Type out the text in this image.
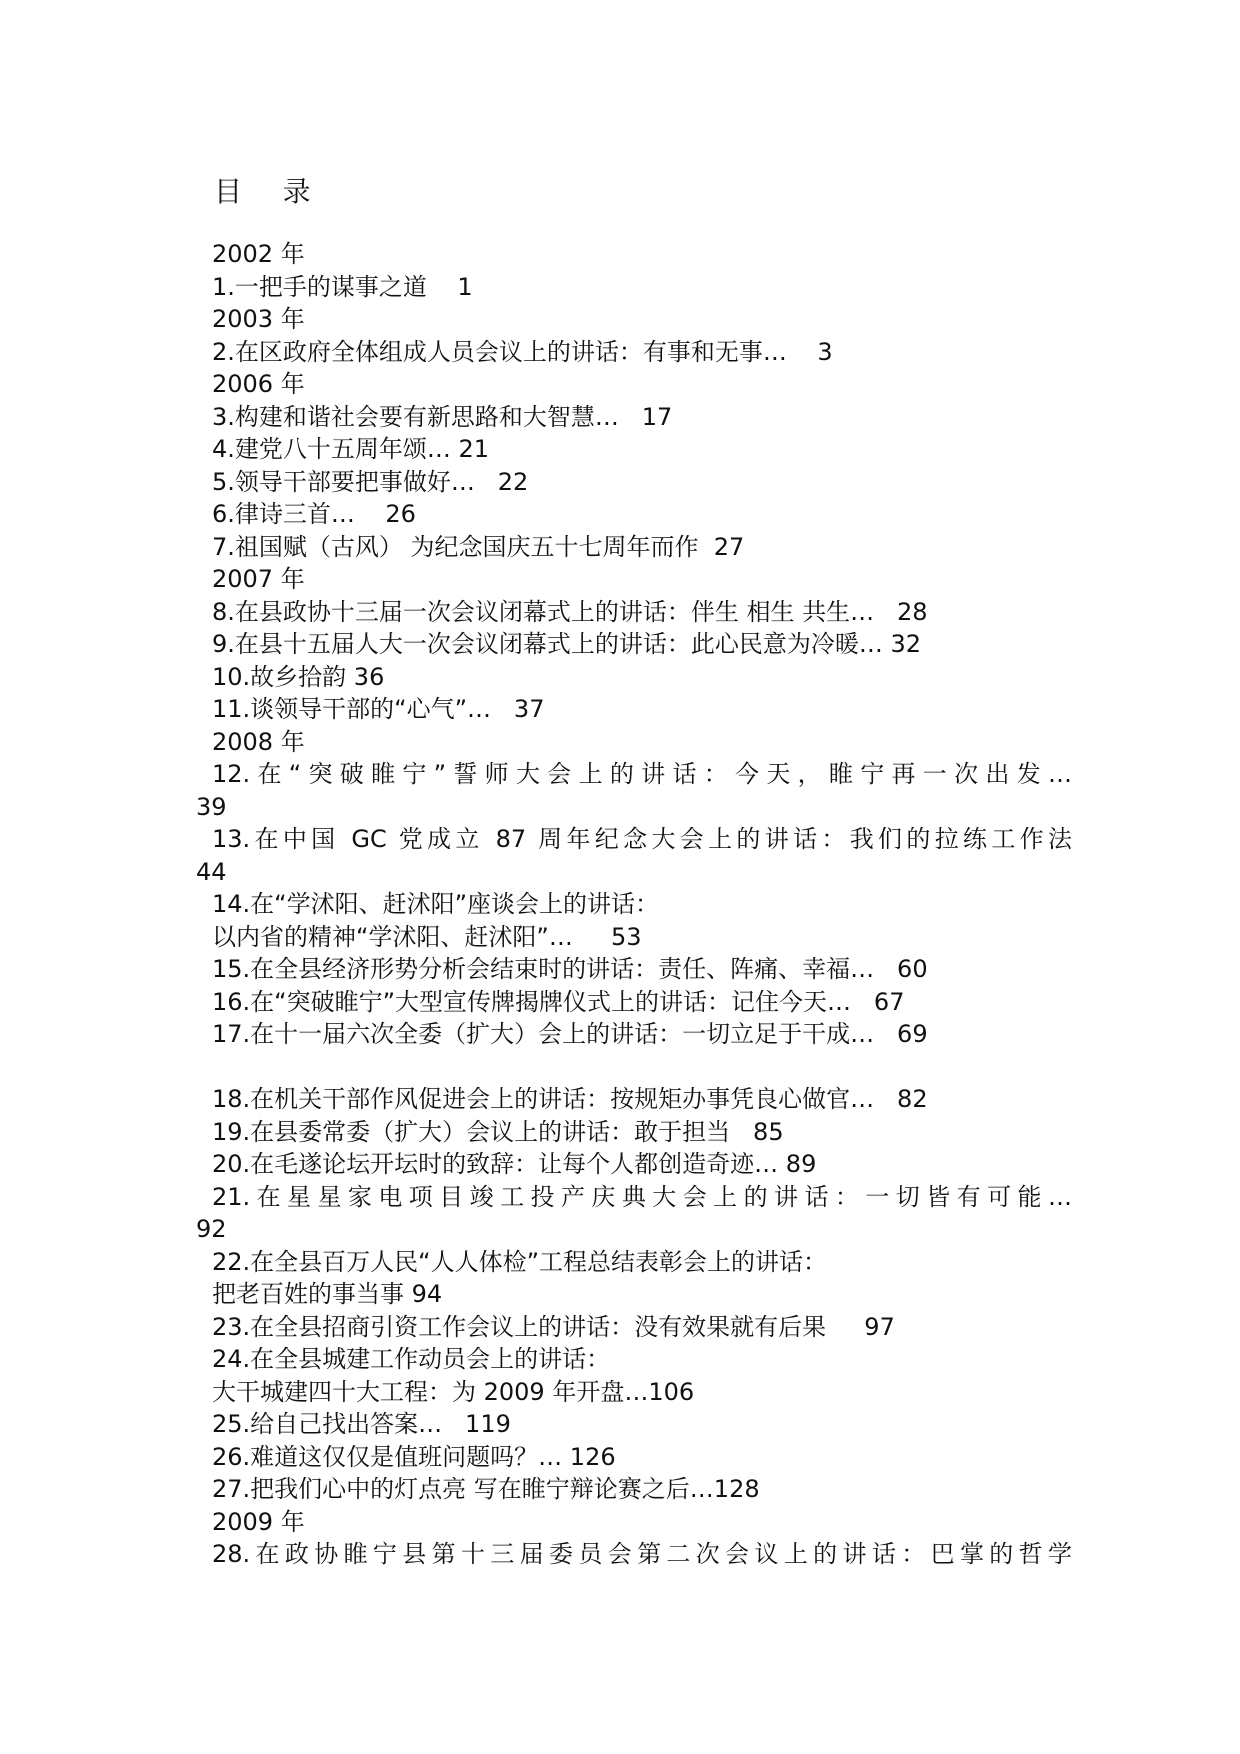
目    录
2002 年
1.一把手的谋事之道    1
2003 年
2.在区政府全体组成人员会议上的讲话：有事和无事…    3
2006 年
3.构建和谐社会要有新思路和大智慧…   17
4.建党八十五周年颂… 21
5.领导干部要把事做好…   22
6.律诗三首…    26
7.祖国赋（古风） 为纪念国庆五十七周年而作  27
2007 年
8.在县政协十三届一次会议闭幕式上的讲话：伴生 相生 共生…   28
9.在县十五届人大一次会议闭幕式上的讲话：此心民意为冷暖… 32
10.故乡拾韵 36
11.谈领导干部的“心气”…   37
2008 年
12.在“突破睢宁”誓师大会上的讲话：今天，睢宁再一次出发…
39
13.在中国 GC 党成立 87 周年纪念大会上的讲话：我们的拉练工作法
44
14.在“学沭阳、赶沭阳”座谈会上的讲话：
以内省的精神“学沭阳、赶沭阳”…     53
15.在全县经济形势分析会结束时的讲话：责任、阵痛、幸福…   60
16.在“突破睢宁”大型宣传牌揭牌仪式上的讲话：记住今天…   67
17.在十一届六次全委（扩大）会上的讲话：一切立足于干成…   69
18.在机关干部作风促进会上的讲话：按规矩办事凭良心做官…   82
19.在县委常委（扩大）会议上的讲话：敢于担当   85
20.在毛遂论坛开坛时的致辞：让每个人都创造奇迹… 89
21.在星星家电项目竣工投产庆典大会上的讲话：一切皆有可能…
92
22.在全县百万人民“人人体检”工程总结表彰会上的讲话：
把老百姓的事当事 94
23.在全县招商引资工作会议上的讲话：没有效果就有后果     97
24.在全县城建工作动员会上的讲话：
大干城建四十大工程：为 2009 年开盘…106
25.给自己找出答案…   119
26.难道这仅仅是值班问题吗？… 126
27.把我们心中的灯点亮 写在睢宁辩论赛之后…128
2009 年
28.在政协睢宁县第十三届委员会第二次会议上的讲话：巴掌的哲学
